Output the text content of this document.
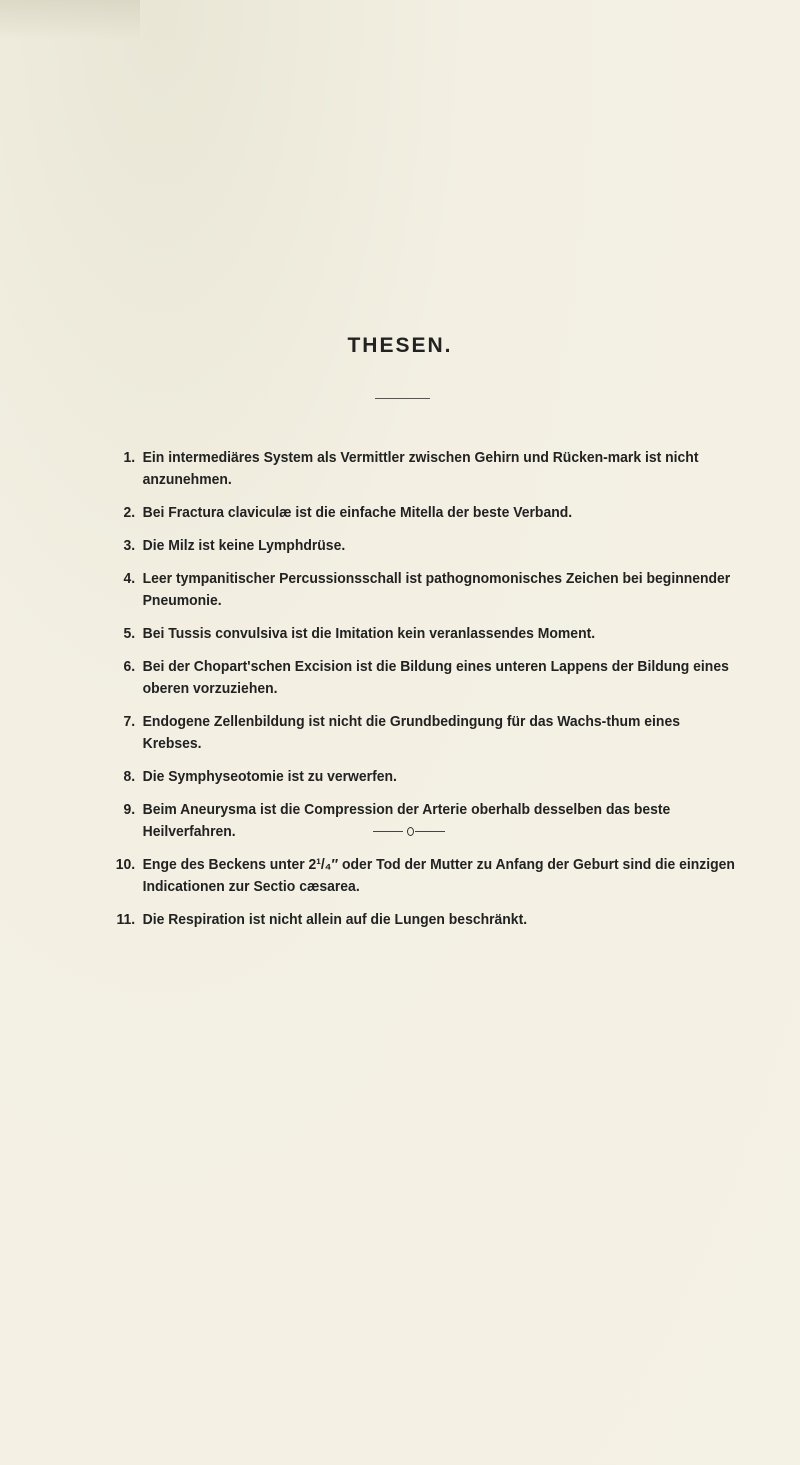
THESEN.
1. Ein intermediäres System als Vermittler zwischen Gehirn und Rücken-mark ist nicht anzunehmen.
2. Bei Fractura claviculæ ist die einfache Mitella der beste Verband.
3. Die Milz ist keine Lymphdrüse.
4. Leer tympanitischer Percussionsschall ist pathognomonisches Zeichen bei beginnender Pneumonie.
5. Bei Tussis convulsiva ist die Imitation kein veranlassendes Moment.
6. Bei der Chopart'schen Excision ist die Bildung eines unteren Lappens der Bildung eines oberen vorzuziehen.
7. Endogene Zellenbildung ist nicht die Grundbedingung für das Wachs-thum eines Krebses.
8. Die Symphyseotomie ist zu verwerfen.
9. Beim Aneurysma ist die Compression der Arterie oberhalb desselben das beste Heilverfahren.
10. Enge des Beckens unter 2¹/₄″ oder Tod der Mutter zu Anfang der Geburt sind die einzigen Indicationen zur Sectio cæsarea.
11. Die Respiration ist nicht allein auf die Lungen beschränkt.
